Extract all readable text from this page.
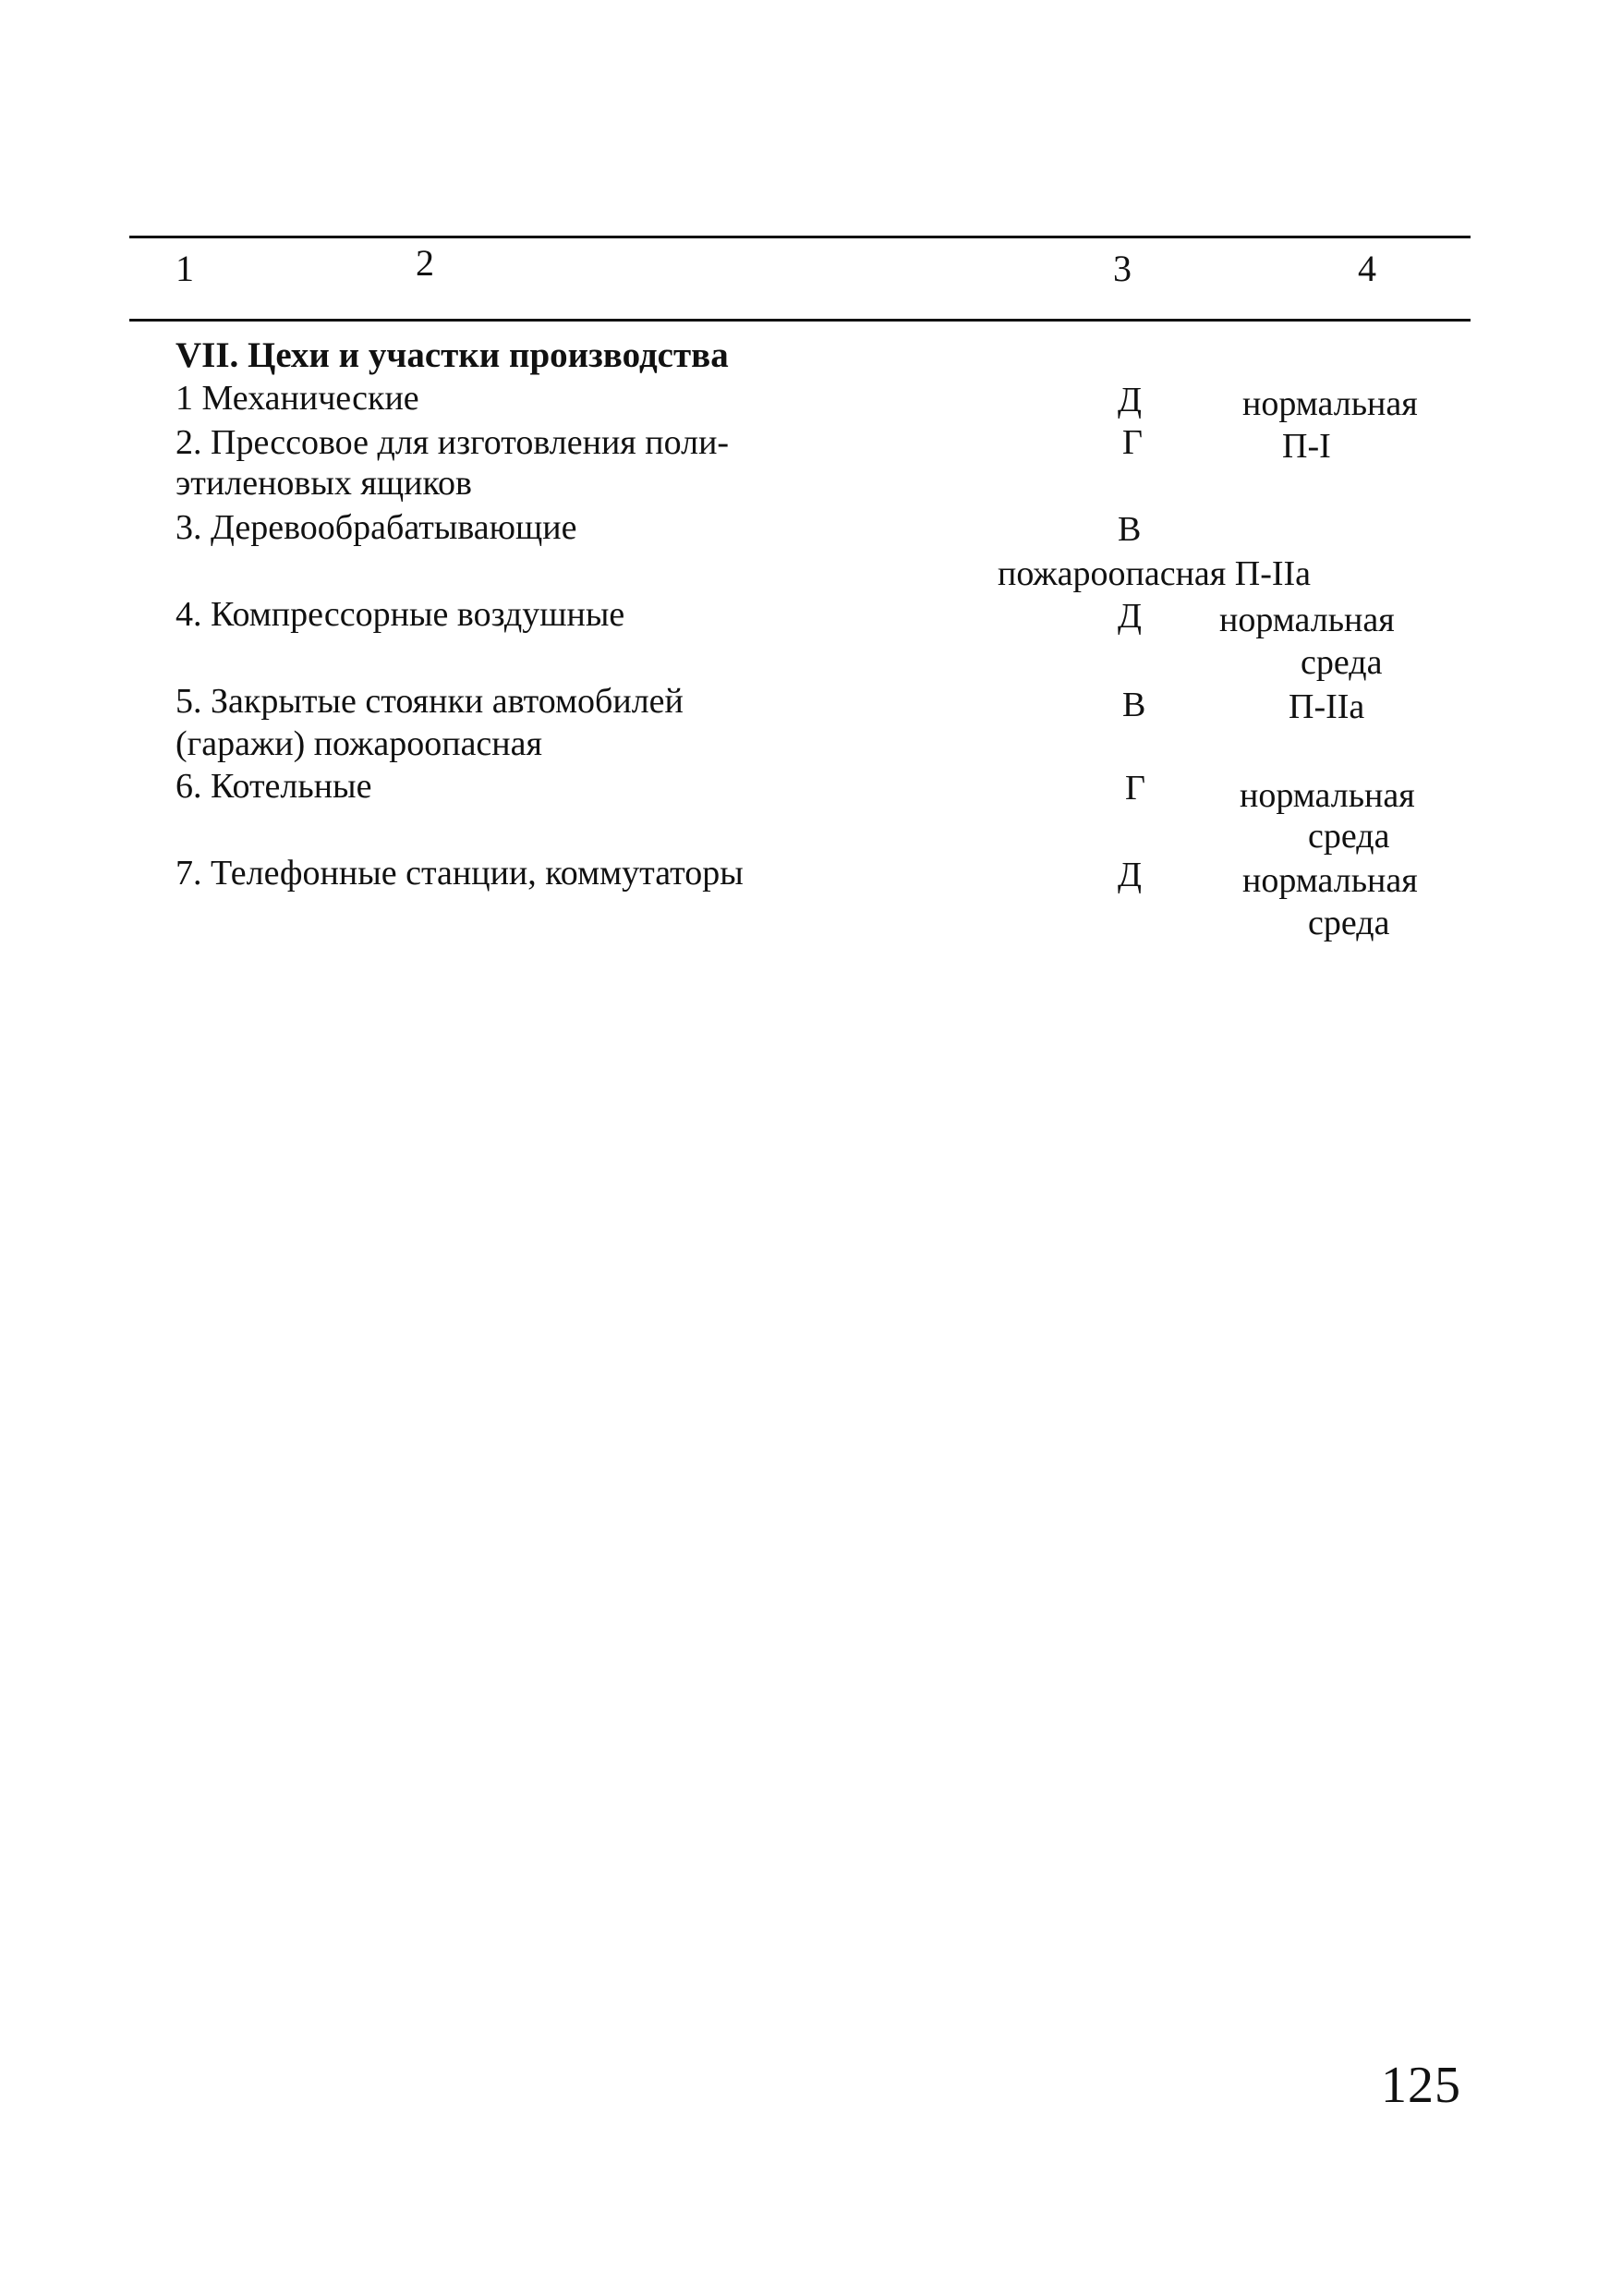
1	2	3	4
VII. Цехи и участки производства
1 Механические	Д	нормальная
2. Прессовое для изготовления поли-
этиленовых ящиков
Г	П-I
3. Деревообрабатывающие	В
пожароопасная П-IIа
4. Компрессорные воздушные	Д нормальная
среда
5. Закрытые стоянки автомобилей
(гаражи) пожароопасная
В	П-IIа
6. Котельные	Г	нормальная
среда
7. Телефонные станции, коммутаторы	Д	нормальная
среда
125
